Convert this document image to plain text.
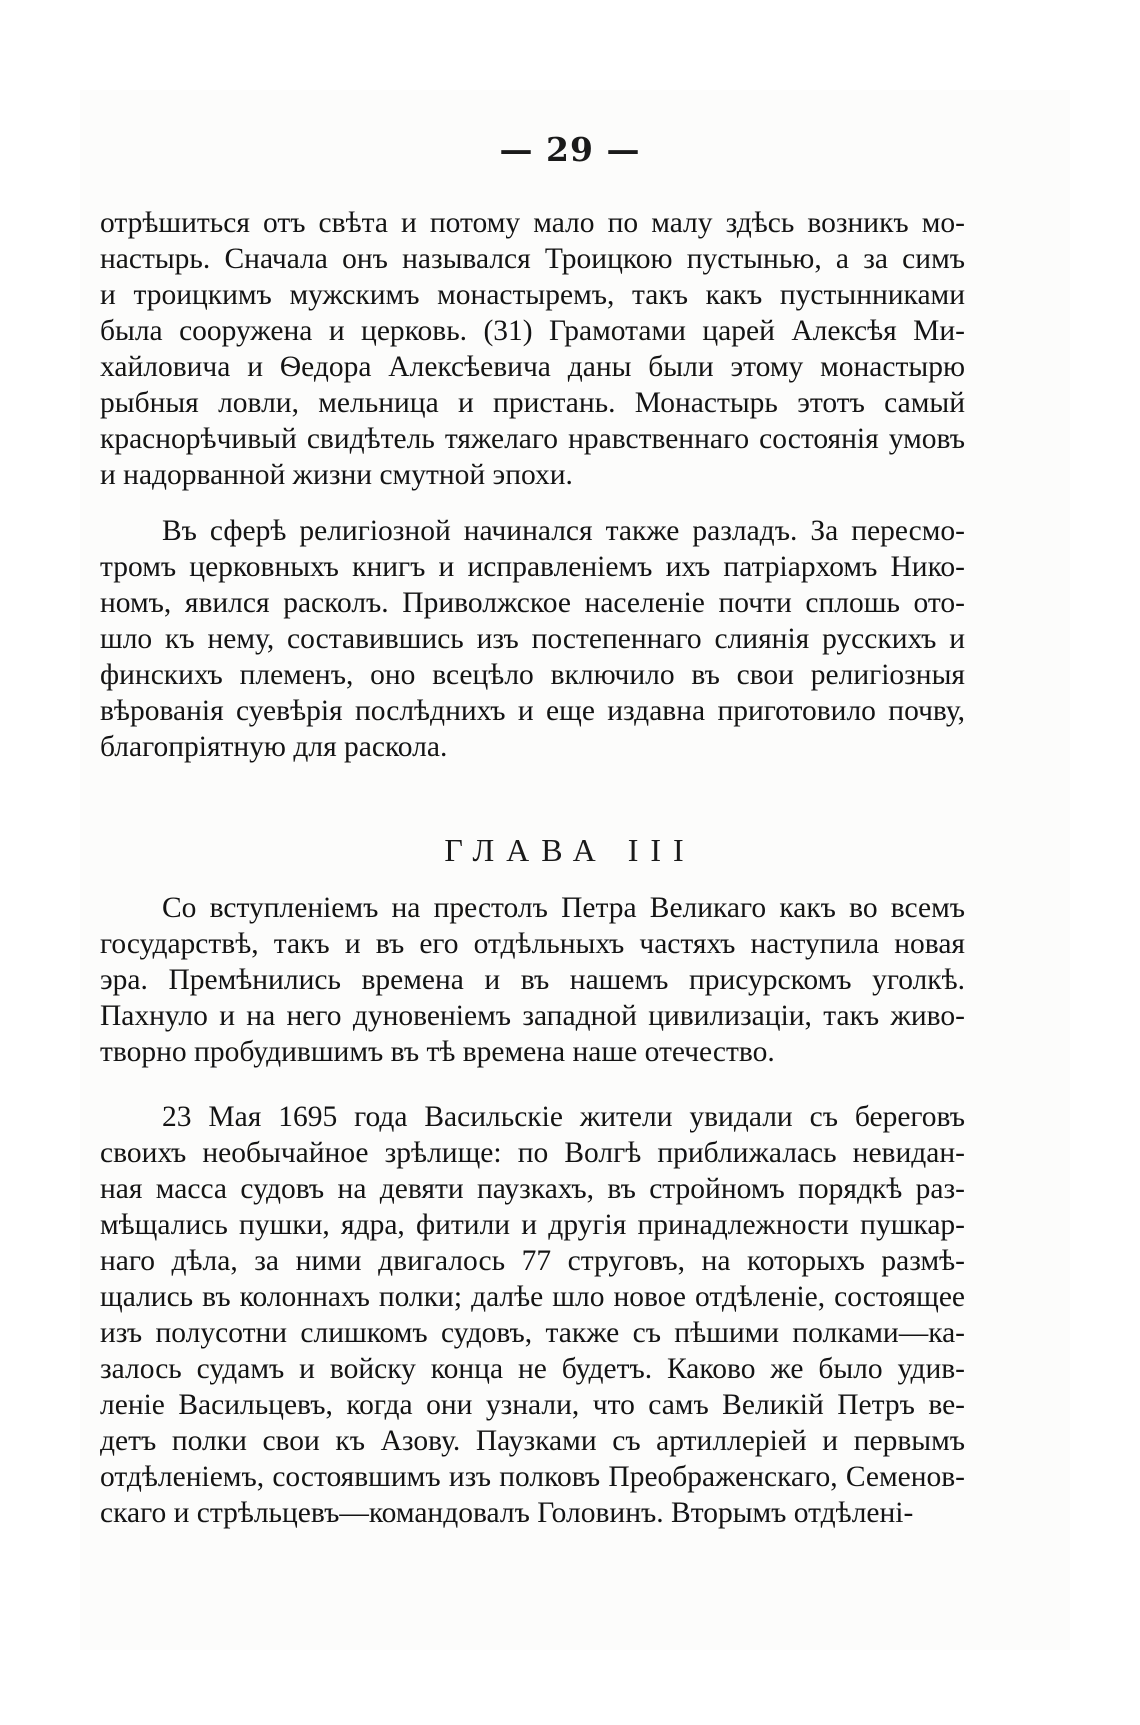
— 29 —
отрѣшиться отъ свѣта и потому мало по малу здѣсь возникъ мо-
настырь. Сначала онъ назывался Троицкою пустынью, а за симъ
и троицкимъ мужскимъ монастыремъ, такъ какъ пустынниками
была сооружена и церковь. (31) Грамотами царей Алексѣя Ми-
хайловича и Ѳедора Алексѣевича даны были этому монастырю
рыбныя ловли, мельница и пристань. Монастырь этотъ самый
краснорѣчивый свидѣтель тяжелаго нравственнаго состоянія умовъ
и надорванной жизни смутной эпохи.
Въ сферѣ религіозной начинался также разладъ. За пересмо-
тромъ церковныхъ книгъ и исправленіемъ ихъ патріархомъ Нико-
номъ, явился расколъ. Приволжское населеніе почти сплошь ото-
шло къ нему, составившись изъ постепеннаго слиянія русскихъ и
финскихъ племенъ, оно всецѣло включило въ свои религіозныя
вѣрованія суевѣрія послѣднихъ и еще издавна приготовило почву,
благопріятную для раскола.
ГЛАВА III
Со вступленіемъ на престолъ Петра Великаго какъ во всемъ
государствѣ, такъ и въ его отдѣльныхъ частяхъ наступила новая
эра. Премѣнились времена и въ нашемъ присурскомъ уголкѣ.
Пахнуло и на него дуновеніемъ западной цивилизаціи, такъ живо-
творно пробудившимъ въ тѣ времена наше отечество.
23 Мая 1695 года Васильскіе жители увидали съ береговъ
своихъ необычайное зрѣлище: по Волгѣ приближалась невидан-
ная масса судовъ на девяти паузкахъ, въ стройномъ порядкѣ раз-
мѣщались пушки, ядра, фитили и другія принадлежности пушкар-
наго дѣла, за ними двигалось 77 струговъ, на которыхъ размѣ-
щались въ колоннахъ полки; далѣе шло новое отдѣленіе, состоящее
изъ полусотни слишкомъ судовъ, также съ пѣшими полками—ка-
залось судамъ и войску конца не будетъ. Каково же было удив-
леніе Васильцевъ, когда они узнали, что самъ Великій Петръ ве-
детъ полки свои къ Азову. Паузками съ артиллеріей и первымъ
отдѣленіемъ, состоявшимъ изъ полковъ Преображенскаго, Семенов-
скаго и стрѣльцевъ—командовалъ Головинъ. Вторымъ отдѣлені-
